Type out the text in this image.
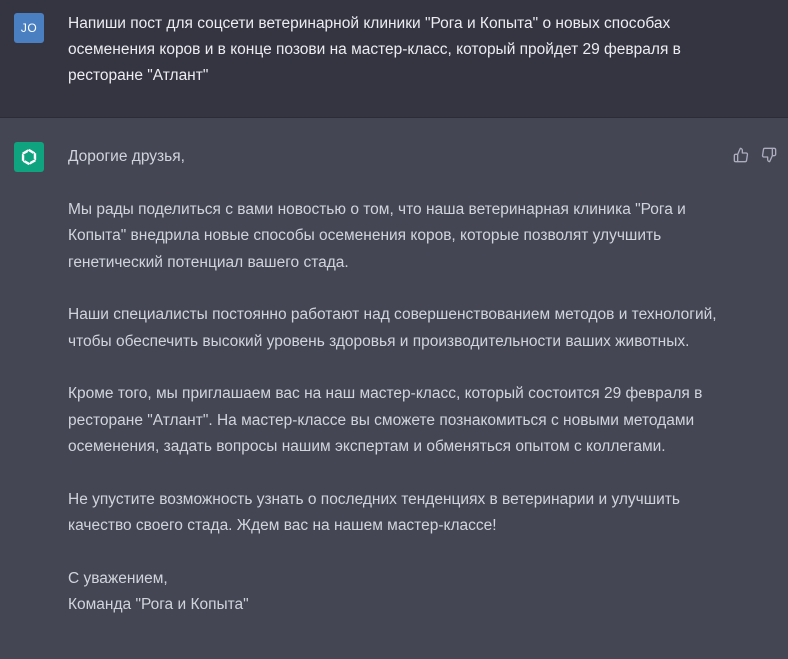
JO	Напиши пост для соцсети ветеринарной клиники "Рога и Копыта" о новых способах осеменения коров и в конце позови на мастер-класс, который пройдет 29 февраля в ресторане "Атлант"

Дорогие друзья,

Мы рады поделиться с вами новостью о том, что наша ветеринарная клиника "Рога и Копыта" внедрила новые способы осеменения коров, которые позволят улучшить генетический потенциал вашего стада.

Наши специалисты постоянно работают над совершенствованием методов и технологий, чтобы обеспечить высокий уровень здоровья и производительности ваших животных.

Кроме того, мы приглашаем вас на наш мастер-класс, который состоится 29 февраля в ресторане "Атлант". На мастер-классе вы сможете познакомиться с новыми методами осеменения, задать вопросы нашим экспертам и обменяться опытом с коллегами.

Не упустите возможность узнать о последних тенденциях в ветеринарии и улучшить качество своего стада. Ждем вас на нашем мастер-классе!

С уважением,
Команда "Рога и Копыта"
